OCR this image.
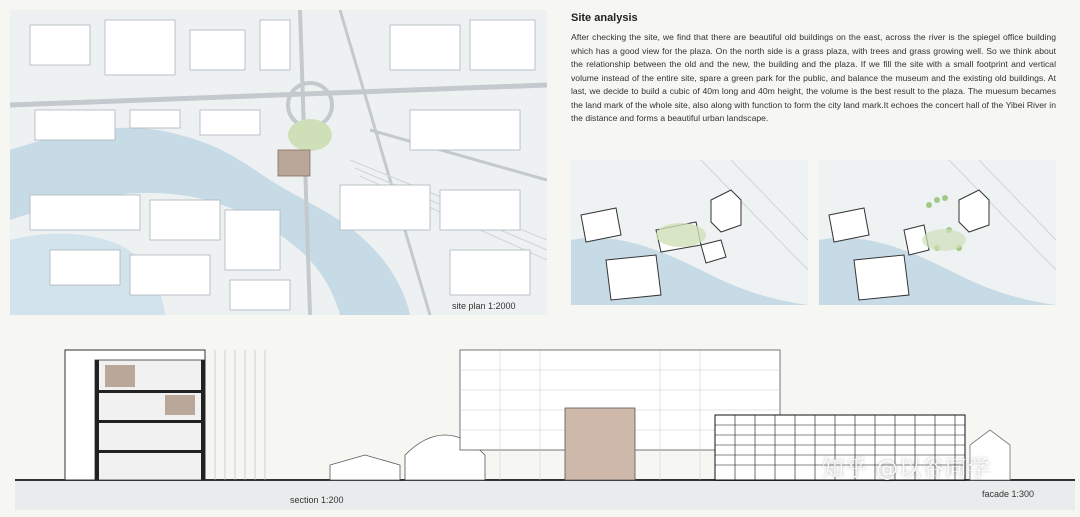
site plan 1:2000
Site analysis

After checking the site, we find that there are beautiful old buildings on the east, across the river is the spiegel office building which has a good view for the plaza. On the north side is a grass plaza, with trees and grass growing well. So we think about the relationship between the old and the new, the building and the plaza. If we fill the site with a small footprint and vertical volume instead of the entire site, spare a green park for the public, and balance the museum and the existing old buildings. At last, we decide to build a cubic of 40m long and 40m height, the volume is the best result to the plaza. The muesum becames the land mark of the whole site, also along with function to form the city land mark.It echoes the concert hall of the Yibei River in the distance and forms a beautiful urban landscape.

section 1:200
facade 1:300
知乎 @以谷同学
